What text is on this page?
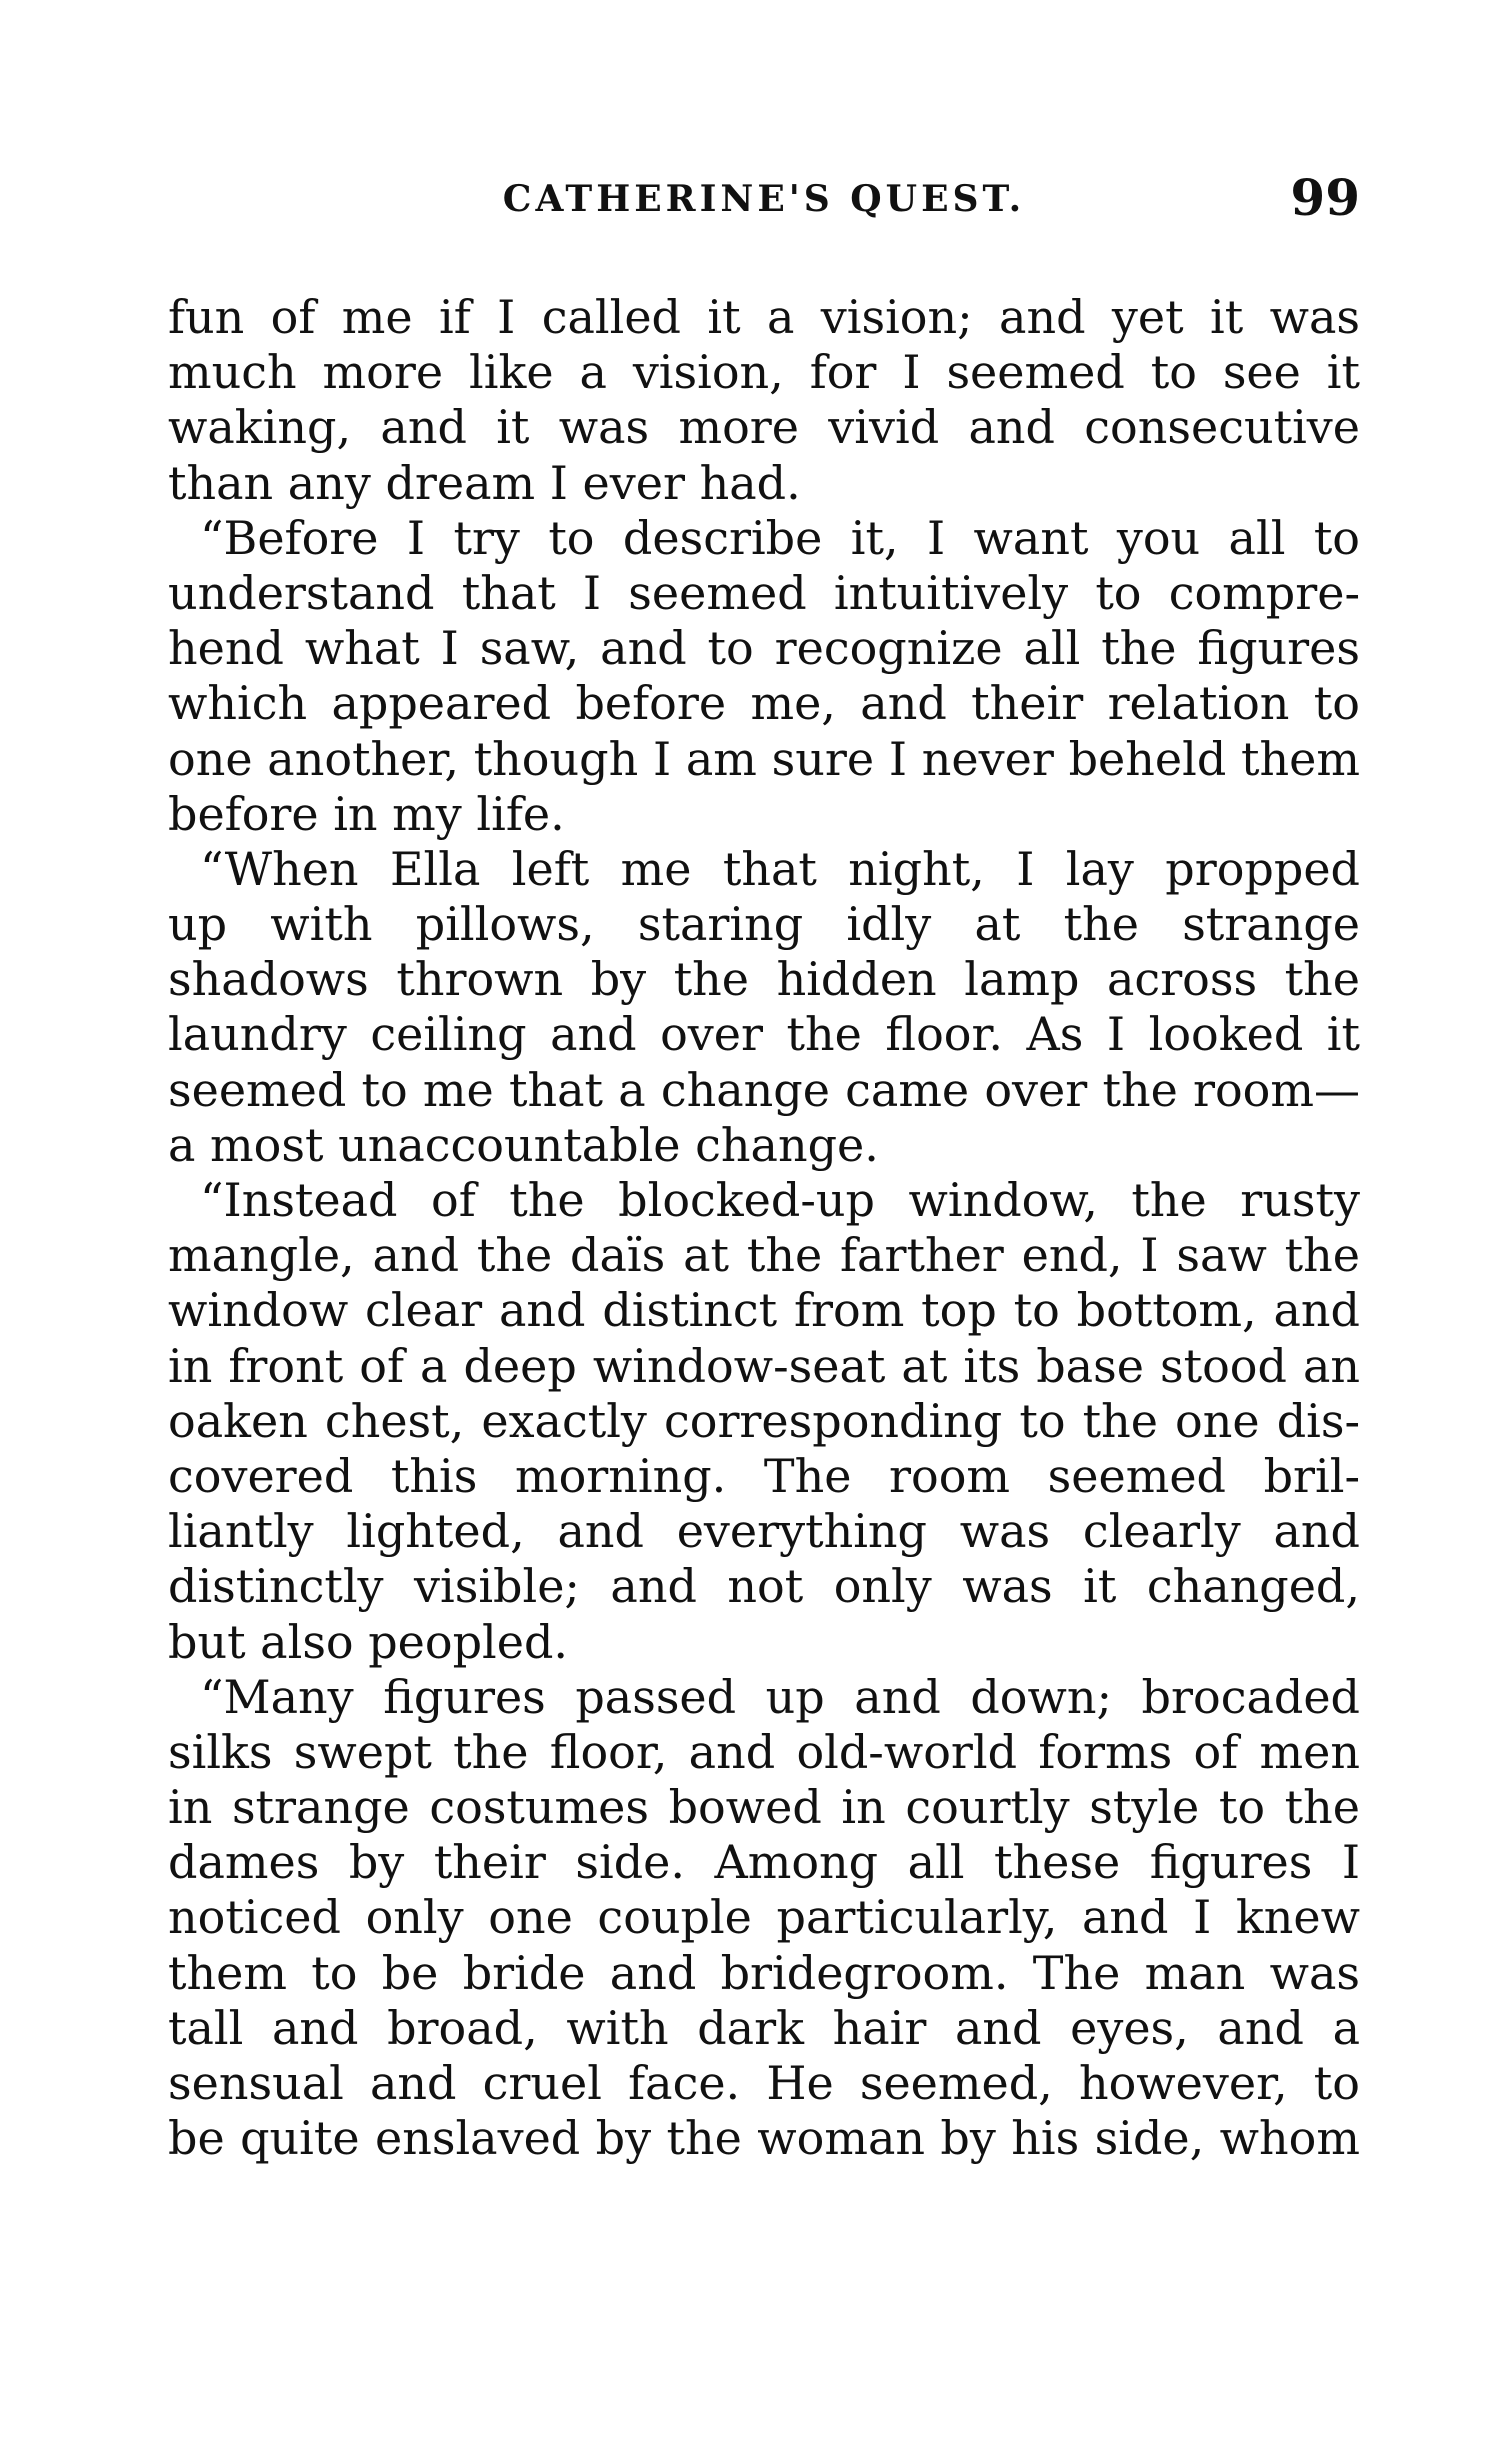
CATHERINE'S QUEST.	99
fun of me if I called it a vision; and yet it was
much more like a vision, for I seemed to see it
waking, and it was more vivid and consecutive
than any dream I ever had.
“Before I try to describe it, I want you all to
understand that I seemed intuitively to compre-
hend what I saw, and to recognize all the figures
which appeared before me, and their relation to
one another, though I am sure I never beheld them
before in my life.
“When Ella left me that night, I lay propped
up with pillows, staring idly at the strange
shadows thrown by the hidden lamp across the
laundry ceiling and over the floor. As I looked it
seemed to me that a change came over the room—
a most unaccountable change.
“Instead of the blocked-up window, the rusty
mangle, and the daïs at the farther end, I saw the
window clear and distinct from top to bottom, and
in front of a deep window-seat at its base stood an
oaken chest, exactly corresponding to the one dis-
covered this morning. The room seemed bril-
liantly lighted, and everything was clearly and
distinctly visible; and not only was it changed,
but also peopled.
“Many figures passed up and down; brocaded
silks swept the floor, and old-world forms of men
in strange costumes bowed in courtly style to the
dames by their side. Among all these figures I
noticed only one couple particularly, and I knew
them to be bride and bridegroom. The man was
tall and broad, with dark hair and eyes, and a
sensual and cruel face. He seemed, however, to
be quite enslaved by the woman by his side, whom
